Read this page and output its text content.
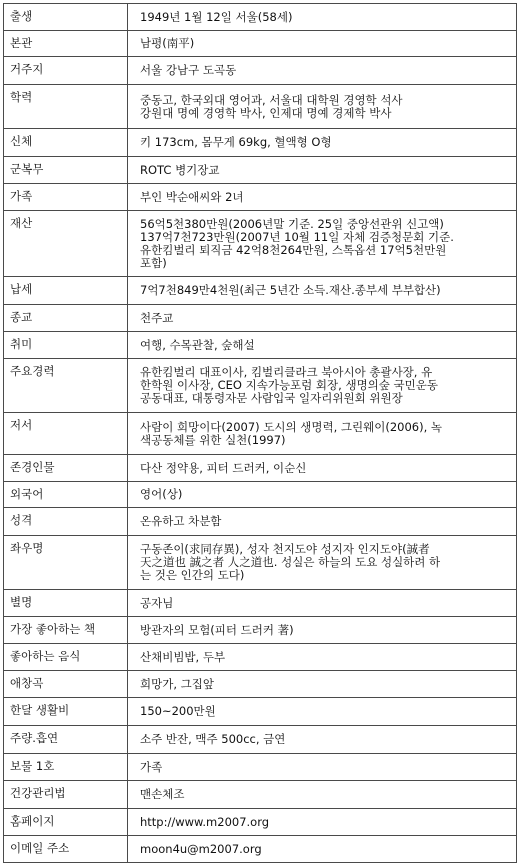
출생	1949년 1월 12일 서울(58세)
본관	남평(南平)
거주지	서울 강남구 도곡동
학력	중동고, 한국외대 영어과, 서울대 대학원 경영학 석사
강원대 명예 경영학 박사, 인제대 명예 경제학 박사
신체	키 173cm, 몸무게 69kg, 혈액형 O형
군복무	ROTC 병기장교
가족	부인 박순애씨와 2녀
재산	56억5천380만원(2006년말 기준. 25일 중앙선관위 신고액)
137억7천723만원(2007년 10월 11일 자체 검증청문회 기준.
유한킴벌리 퇴직금 42억8천264만원, 스톡옵션 17억5천만원
포함)
납세	7억7천849만4천원(최근 5년간 소득.재산.종부세 부부합산)
종교	천주교
취미	여행, 수목관찰, 숲해설
주요경력	유한킴벌리 대표이사, 킴벌리클라크 북아시아 총괄사장, 유
한학원 이사장, CEO 지속가능포럼 회장, 생명의숲 국민운동
공동대표, 대통령자문 사람입국 일자리위원회 위원장
저서	사람이 희망이다(2007) 도시의 생명력, 그린웨이(2006), 녹
색공동체를 위한 실천(1997)
존경인물	다산 정약용, 피터 드러커, 이순신
외국어	영어(상)
성격	온유하고 차분함
좌우명	구동존이(求同存異), 성자 천지도야 성지자 인지도야(誠者
天之道也 誠之者 人之道也. 성실은 하늘의 도요 성실하려 하
는 것은 인간의 도다)
별명	공자님
가장 좋아하는 책	방관자의 모험(피터 드러커 著)
좋아하는 음식	산채비빔밥, 두부
애창곡	희망가, 그집앞
한달 생활비	150~200만원
주량.흡연	소주 반잔, 맥주 500cc, 금연
보물 1호	가족
건강관리법	맨손체조
홈페이지	http://www.m2007.org
이메일 주소	moon4u@m2007.org
